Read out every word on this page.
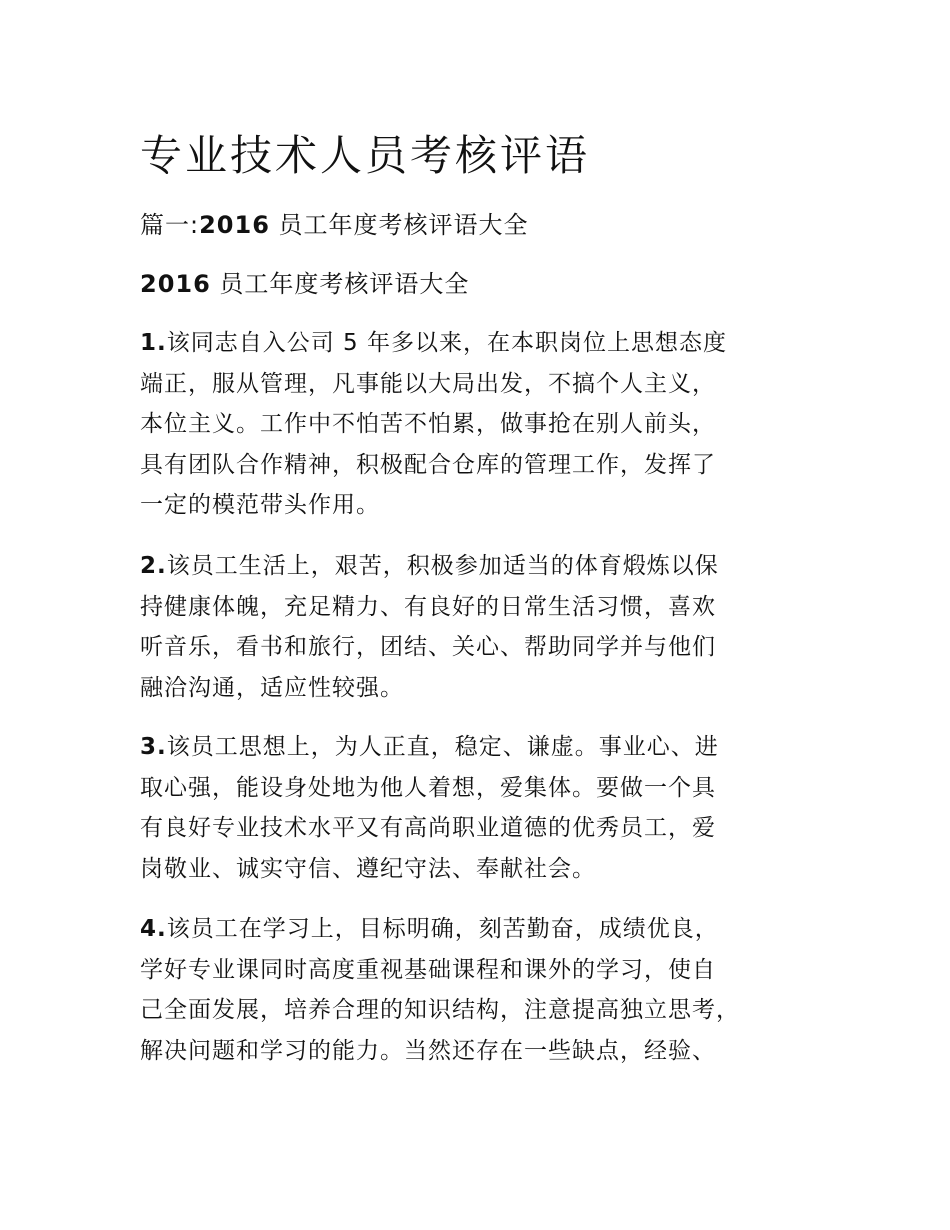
专业技术人员考核评语

篇一:2016 员工年度考核评语大全

2016 员工年度考核评语大全

1.该同志自入公司 5 年多以来，在本职岗位上思想态度
端正，服从管理，凡事能以大局出发，不搞个人主义，
本位主义。工作中不怕苦不怕累，做事抢在别人前头，
具有团队合作精神，积极配合仓库的管理工作，发挥了
一定的模范带头作用。
2.该员工生活上，艰苦，积极参加适当的体育煅炼以保
持健康体魄，充足精力、有良好的日常生活习惯，喜欢
听音乐，看书和旅行，团结、关心、帮助同学并与他们
融洽沟通，适应性较强。
3.该员工思想上，为人正直，稳定、谦虚。事业心、进
取心强，能设身处地为他人着想，爱集体。要做一个具
有良好专业技术水平又有高尚职业道德的优秀员工，爱
岗敬业、诚实守信、遵纪守法、奉献社会。
4.该员工在学习上，目标明确，刻苦勤奋，成绩优良，
学好专业课同时高度重视基础课程和课外的学习，使自
己全面发展，培养合理的知识结构，注意提高独立思考，
解决问题和学习的能力。当然还存在一些缺点，经验、
